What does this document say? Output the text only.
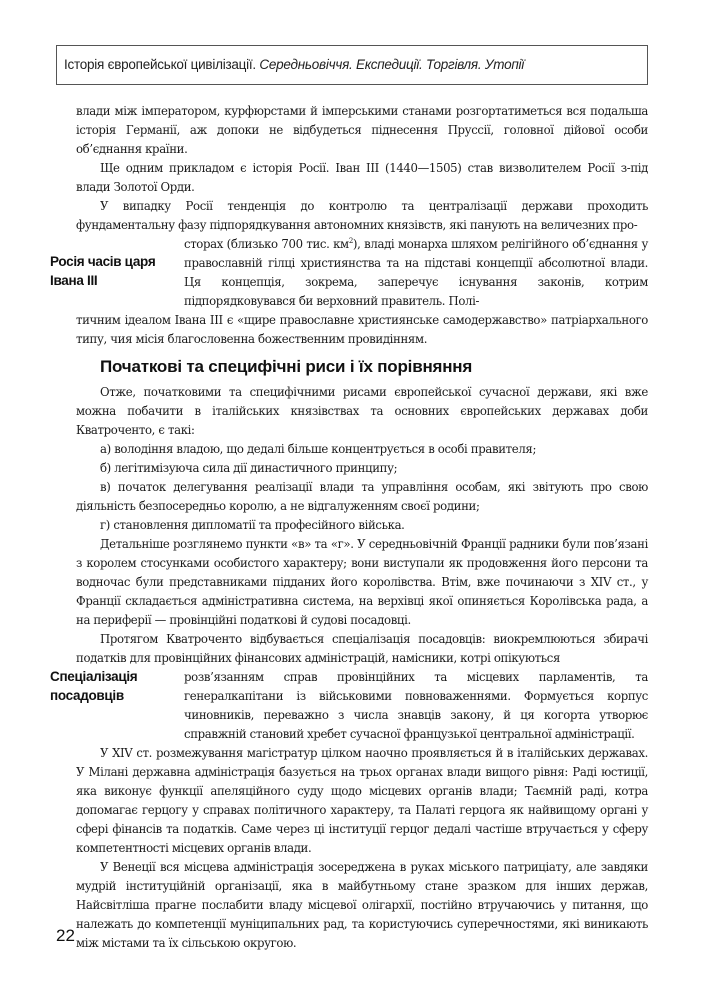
Історія європейської цивілізації. Середньовіччя. Експедиції. Торгівля. Утопії

влади між імператором, курфюрстами й імперськими станами розгортатиметься вся подальша історія Германії, аж допоки не відбудеться піднесення Пруссії, головної дійової особи об’єднання країни.

Ще одним прикладом є історія Росії. Іван III (1440—1505) став визволителем Росії з-під влади Золотої Орди.

У випадку Росії тенденція до контролю та централізації держави проходить фундаментальну фазу підпорядкування автономних князівств, які панують на величезних про-

сторах (близько 700 тис. $км^2$), владі монарха шляхом релігійного об’єднання у православній гілці християнства та на підставі концепції абсолютної влади. Ця концепція, зокрема, заперечує існування законів, котрим підпорядковувався би верховний правитель. Полі-

тичним ідеалом Івана III є «щире православне християнське самодержавство» патріархального типу, чия місія благословенна божественним провидінням.

Початкові та специфічні риси і їх порівняння

Отже, початковими та специфічними рисами європейської сучасної держави, які вже можна побачити в італійських князівствах та основних європейських державах доби Кватроченто, є такі:

а) володіння владою, що дедалі більше концентрується в особі правителя;

б) легітимізуюча сила дії династичного принципу;

в) початок делегування реалізації влади та управління особам, які звітують про свою діяльність безпосередньо королю, а не відгалуженням своєї родини;

г) становлення дипломатії та професійного війська.

Детальніше розглянемо пункти «в» та «г». У середньовічній Франції радники були пов’язані з королем стосунками особистого характеру; вони виступали як продовження його персони та водночас були представниками підданих його королівства. Втім, вже починаючи з XIV ст., у Франції складається адміністративна система, на верхівці якої опиняється Королівська рада, а на периферії — провінційні податкові й судові посадовці.

Протягом Кватроченто відбувається спеціалізація посадовців: виокремлюються збирачі податків для провінційних фінансових адміністрацій, намісники, котрі опікуються

розв’язанням справ провінційних та місцевих парламентів, та генералкапітани із військовими повноваженнями. Формується корпус чиновників, переважно з числа знавців закону, й ця когорта утворює справжній становий хребет сучасної французької центральної адміністрації.

У XIV ст. розмежування магістратур цілком наочно проявляється й в італійських державах. У Мілані державна адміністрація базується на трьох органах влади вищого рівня: Раді юстиції, яка виконує функції апеляційного суду щодо місцевих органів влади; Таємній раді, котра допомагає герцогу у справах політичного характеру, та Палаті герцога як найвищому органі у сфері фінансів та податків. Саме через ці інституції герцог дедалі частіше втручається у сферу компетентності місцевих органів влади.

У Венеції вся місцева адміністрація зосереджена в руках міського патриціату, але завдяки мудрій інституційній організації, яка в майбутньому стане зразком для інших держав, Найсвітліша прагне послабити владу місцевої олігархії, постійно втручаючись у питання, що належать до компетенції муніципальних рад, та користуючись суперечностями, які виникають між містами та їх сільською округою.

Росія часів царя
Івана III
Спеціалізація
посадовців
22
